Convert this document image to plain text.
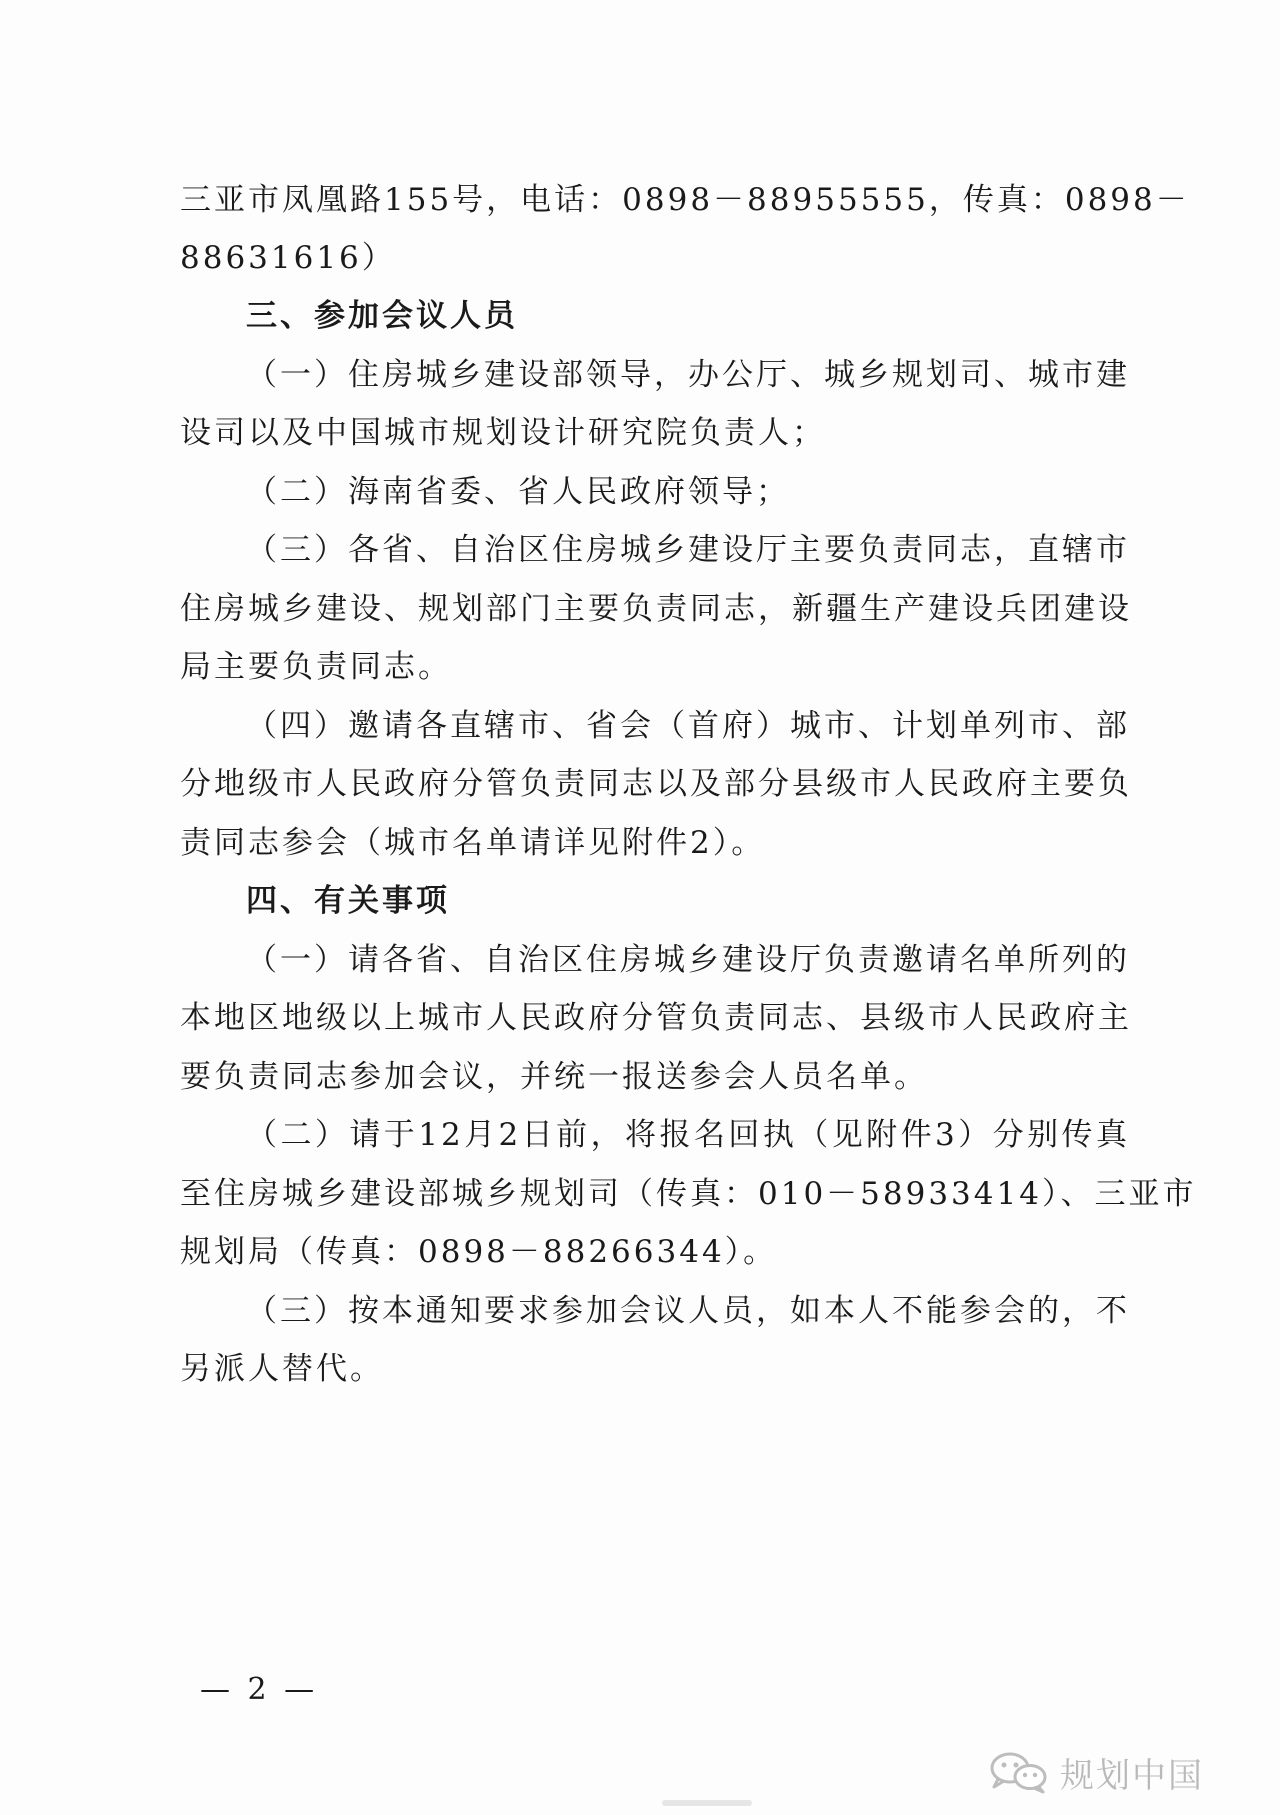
三亚市凤凰路155号，电话：0898－88955555，传真：0898－
88631616）
三、参加会议人员
（一）住房城乡建设部领导，办公厅、城乡规划司、城市建
设司以及中国城市规划设计研究院负责人；
（二）海南省委、省人民政府领导；
（三）各省、自治区住房城乡建设厅主要负责同志，直辖市
住房城乡建设、规划部门主要负责同志，新疆生产建设兵团建设
局主要负责同志。
（四）邀请各直辖市、省会（首府）城市、计划单列市、部
分地级市人民政府分管负责同志以及部分县级市人民政府主要负
责同志参会（城市名单请详见附件2）。
四、有关事项
（一）请各省、自治区住房城乡建设厅负责邀请名单所列的
本地区地级以上城市人民政府分管负责同志、县级市人民政府主
要负责同志参加会议，并统一报送参会人员名单。
（二）请于12月2日前，将报名回执（见附件3）分别传真
至住房城乡建设部城乡规划司（传真：010－58933414）、三亚市
规划局（传真：0898－88266344）。
（三）按本通知要求参加会议人员，如本人不能参会的，不
另派人替代。
— 2 —
规划中国
